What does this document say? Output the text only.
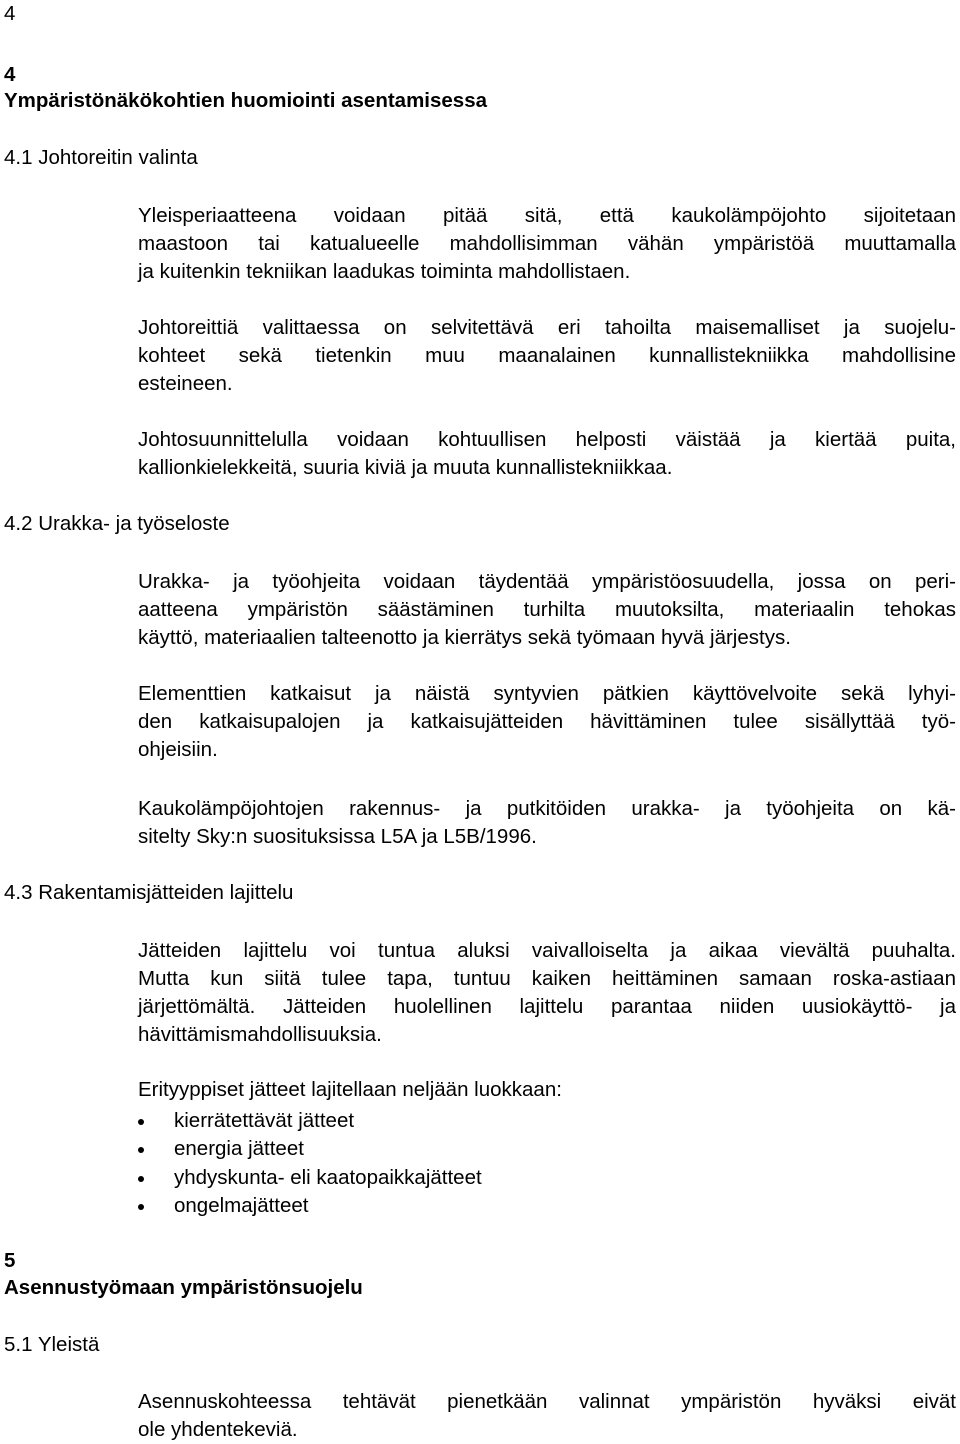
4
4
Ympäristönäkökohtien huomiointi asentamisessa
4.1 Johtoreitin valinta
Yleisperiaatteena voidaan pitää sitä, että kaukolämpöjohto sijoitetaan
maastoon tai katualueelle mahdollisimman vähän ympäristöä muuttamalla
ja kuitenkin tekniikan laadukas toiminta mahdollistaen.
Johtoreittiä valittaessa on selvitettävä eri tahoilta maisemalliset ja suojelu-
kohteet sekä tietenkin muu maanalainen kunnallistekniikka mahdollisine
esteineen.
Johtosuunnittelulla voidaan kohtuullisen helposti väistää ja kiertää puita,
kallionkielekkeitä, suuria kiviä ja muuta kunnallistekniikkaa.
4.2 Urakka- ja työseloste
Urakka- ja työohjeita voidaan täydentää ympäristöosuudella, jossa on peri-
aatteena ympäristön säästäminen turhilta muutoksilta, materiaalin tehokas
käyttö, materiaalien talteenotto ja kierrätys sekä työmaan hyvä järjestys.
Elementtien katkaisut ja näistä syntyvien pätkien käyttövelvoite sekä lyhyi-
den katkaisupalojen ja katkaisujätteiden hävittäminen tulee sisällyttää työ-
ohjeisiin.
Kaukolämpöjohtojen rakennus- ja putkitöiden urakka- ja työohjeita on kä-
sitelty Sky:n suosituksissa L5A ja L5B/1996.
4.3 Rakentamisjätteiden lajittelu
Jätteiden lajittelu voi tuntua aluksi vaivalloiselta ja aikaa vievältä puuhalta.
Mutta kun siitä tulee tapa, tuntuu kaiken heittäminen samaan roska-astiaan
järjettömältä. Jätteiden huolellinen lajittelu parantaa niiden uusiokäyttö- ja
hävittämismahdollisuuksia.
Erityyppiset jätteet lajitellaan neljään luokkaan:
kierrätettävät jätteet
energia jätteet
yhdyskunta- eli kaatopaikkajätteet
ongelmajätteet
5
Asennustyömaan ympäristönsuojelu
5.1 Yleistä
Asennuskohteessa tehtävät pienetkään valinnat ympäristön hyväksi eivät
ole yhdentekeviä.
